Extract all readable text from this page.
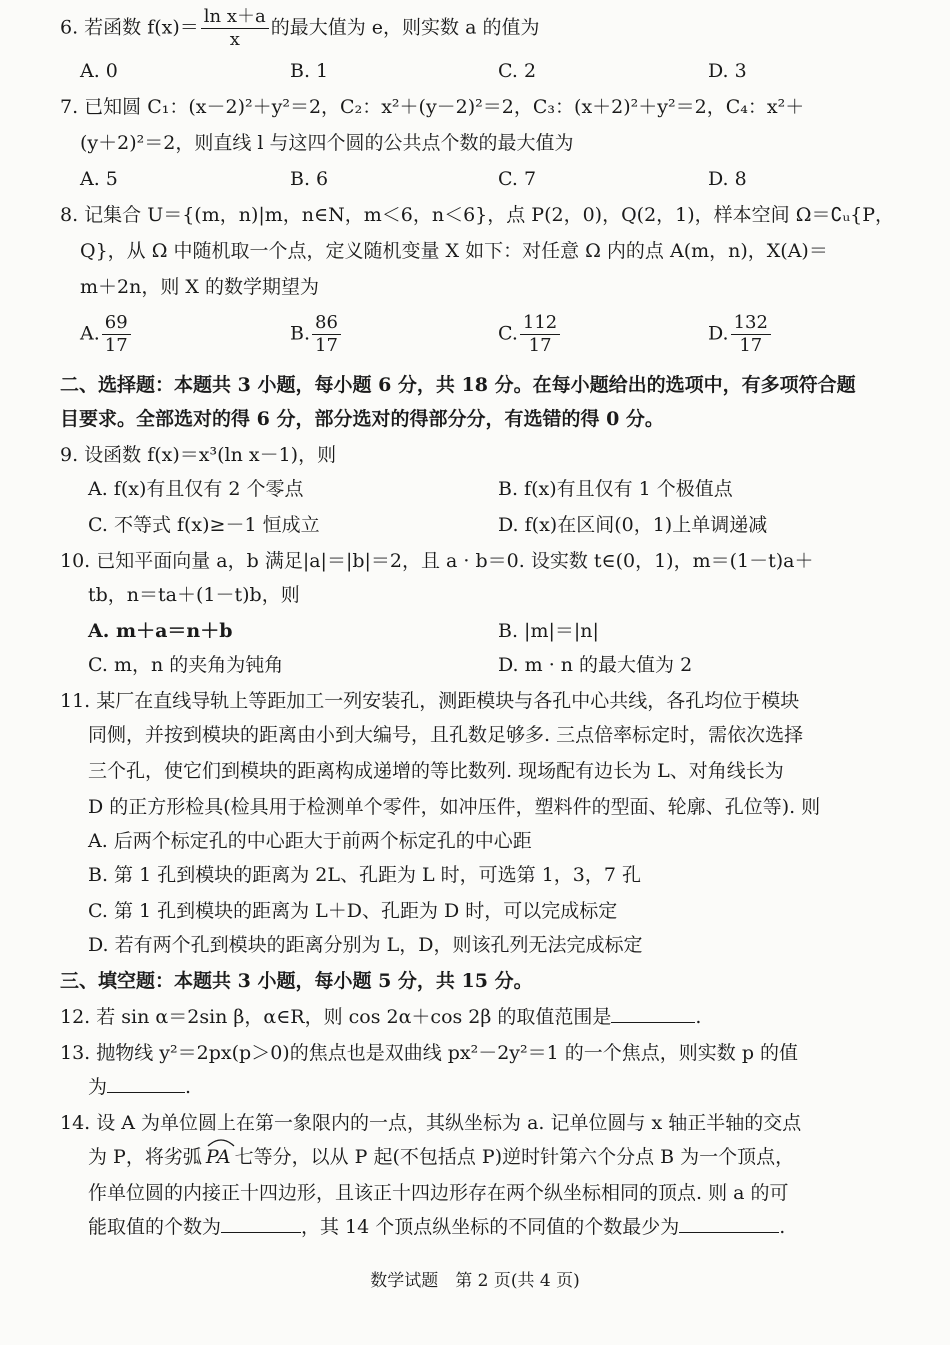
6. 若函数 $f(x)= \frac{\text{ln x＋a}}{x}$ 的最大值为 e，则实数 a 的值为
A. 0	B. 1	C. 2	D. 3
7. 已知圆 C₁：(x－2)²＋y²＝2，C₂：x²＋(y－2)²＝2，C₃：(x＋2)²＋y²＝2，C₄：x²＋
(y＋2)²＝2，则直线 l 与这四个圆的公共点个数的最大值为
A. 5	B. 6	C. 7	D. 8
8. 记集合 U＝{(m，n)|m，n∈N，m＜6，n＜6}，点 P(2，0)，Q(2，1)，样本空间 Ω＝∁ᵤ{P，
Q}，从 Ω 中随机取一个点，定义随机变量 X 如下：对任意 Ω 内的点 A(m，n)，X(A)＝
m＋2n，则 X 的数学期望为
A. $\frac{69}{17}$	B. $\frac{86}{17}$	C. $\frac{112}{17}$	D. $\frac{132}{17}$
二、选择题：本题共 3 小题，每小题 6 分，共 18 分。在每小题给出的选项中，有多项符合题
目要求。全部选对的得 6 分，部分选对的得部分分，有选错的得 0 分。
9. 设函数 f(x)＝x³(ln x－1)，则
A. f(x)有且仅有 2 个零点	B. f(x)有且仅有 1 个极值点
C. 不等式 f(x)≥－1 恒成立	D. f(x)在区间(0，1)上单调递减
10. 已知平面向量 a，b 满足|a|＝|b|＝2，且 a · b＝0. 设实数 t∈(0，1)，m＝(1－t)a＋
tb，n＝ta＋(1－t)b，则
A. m＋a＝n＋b	B. |m|＝|n|
C. m，n 的夹角为钝角	D. m · n 的最大值为 2
11. 某厂在直线导轨上等距加工一列安装孔，测距模块与各孔中心共线，各孔均位于模块
同侧，并按到模块的距离由小到大编号，且孔数足够多. 三点倍率标定时，需依次选择
三个孔，使它们到模块的距离构成递增的等比数列. 现场配有边长为 L、对角线长为
D 的正方形检具(检具用于检测单个零件，如冲压件，塑料件的型面、轮廓、孔位等). 则
A. 后两个标定孔的中心距大于前两个标定孔的中心距
B. 第 1 孔到模块的距离为 2L、孔距为 L 时，可选第 1，3，7 孔
C. 第 1 孔到模块的距离为 L＋D、孔距为 D 时，可以完成标定
D. 若有两个孔到模块的距离分别为 L，D，则该孔列无法完成标定
三、填空题：本题共 3 小题，每小题 5 分，共 15 分。
12. 若 sin α＝2sin β，α∈R，则 cos 2α＋cos 2β 的取值范围是	.
13. 抛物线 y²＝2px(p＞0)的焦点也是双曲线 px²－2y²＝1 的一个焦点，则实数 p 的值
为	.
14. 设 A 为单位圆上在第一象限内的一点，其纵坐标为 a. 记单位圆与 x 轴正半轴的交点
为 P，将劣弧 PA 七等分，以从 P 起(不包括点 P)逆时针第六个分点 B 为一个顶点，
作单位圆的内接正十四边形，且该正十四边形存在两个纵坐标相同的顶点. 则 a 的可
能取值的个数为	，其 14 个顶点纵坐标的不同值的个数最少为	.
数学试题　第 2 页(共 4 页)
